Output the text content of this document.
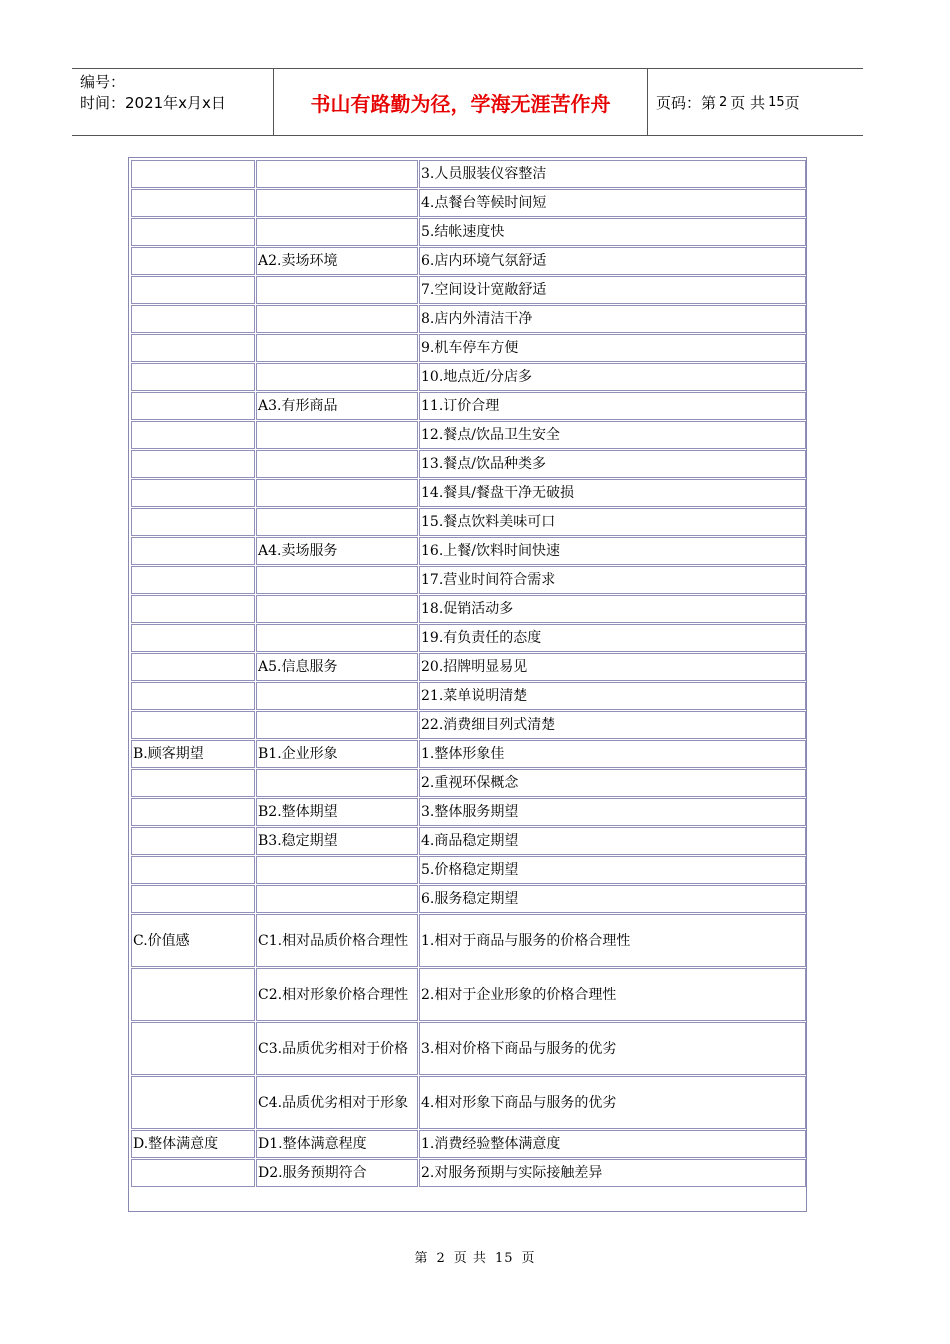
编号：
时间：2021年x月x日	书山有路勤为径，学海无涯苦作舟	页码：第 2 页 共 15 页
		3.人员服装仪容整洁
		4.点餐台等候时间短
		5.结帐速度快
	A2.卖场环境	6.店内环境气氛舒适
		7.空间设计宽敞舒适
		8.店内外清洁干净
		9.机车停车方便
		10.地点近/分店多
	A3.有形商品	11.订价合理
		12.餐点/饮品卫生安全
		13.餐点/饮品种类多
		14.餐具/餐盘干净无破损
		15.餐点饮料美味可口
	A4.卖场服务	16.上餐/饮料时间快速
		17.营业时间符合需求
		18.促销活动多
		19.有负责任的态度
	A5.信息服务	20.招牌明显易见
		21.菜单说明清楚
		22.消费细目列式清楚
B.顾客期望	B1.企业形象	1.整体形象佳
		2.重视环保概念
	B2.整体期望	3.整体服务期望
	B3.稳定期望	4.商品稳定期望
		5.价格稳定期望
		6.服务稳定期望
C.价值感	C1.相对品质价格合理性	1.相对于商品与服务的价格合理性
	C2.相对形象价格合理性	2.相对于企业形象的价格合理性
	C3.品质优劣相对于价格	3.相对价格下商品与服务的优劣
	C4.品质优劣相对于形象	4.相对形象下商品与服务的优劣
D.整体满意度	D1.整体满意程度	1.消费经验整体满意度
	D2.服务预期符合	2.对服务预期与实际接触差异
第 2 页 共 15 页
